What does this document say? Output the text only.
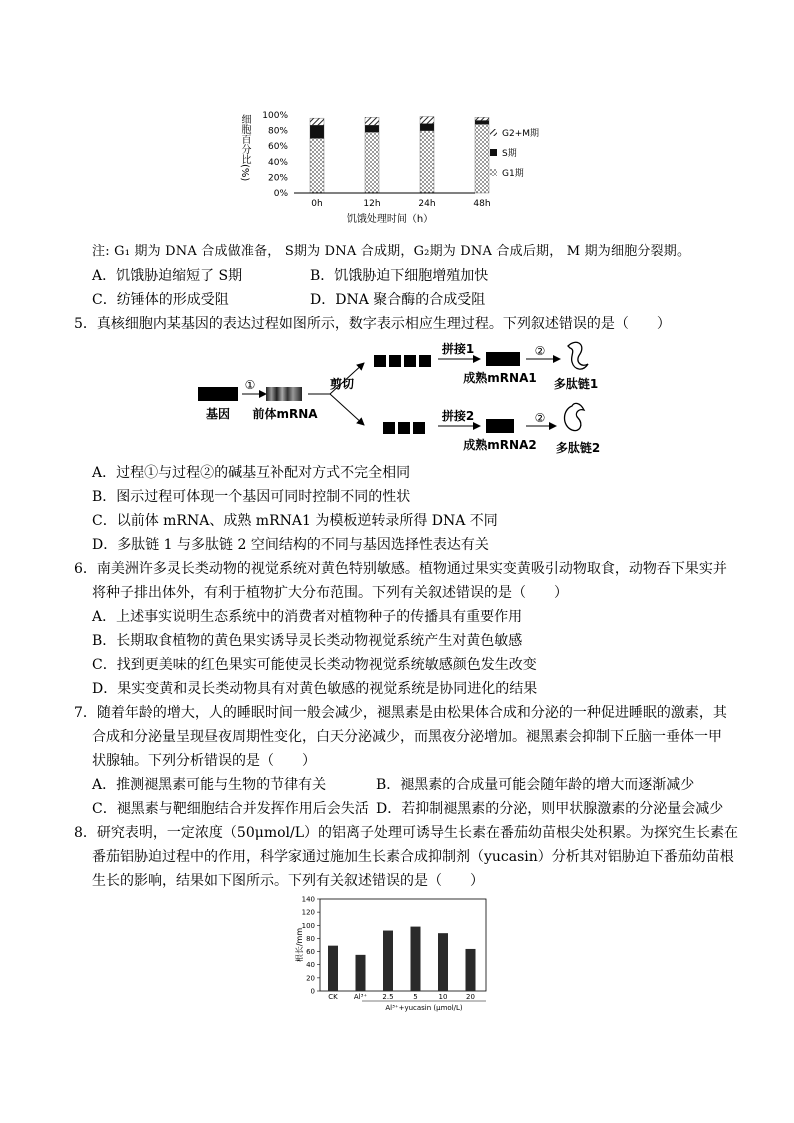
100%
80%
60%
40%
20%
0%
0h	12h	24h	48h
饥饿处理时间（h）
G2+M期
S期
G1期
细胞百分比(%)
注: G₁ 期为 DNA 合成做准备， S期为 DNA 合成期，G₂期为 DNA 合成后期， M 期为细胞分裂期。
A．饥饿胁迫缩短了 S期	B．饥饿胁迫下细胞增殖加快
C．纺锤体的形成受阻	D．DNA 聚合酶的合成受阻
5．真核细胞内某基因的表达过程如图所示，数字表示相应生理过程。下列叙述错误的是（　　）
基因
①
前体mRNA
剪切
拼接1
成熟mRNA1
②
多肽链1
拼接2
成熟mRNA2
②
多肽链2
A．过程①与过程②的碱基互补配对方式不完全相同
B．图示过程可体现一个基因可同时控制不同的性状
C．以前体 mRNA、成熟 mRNA1 为模板逆转录所得 DNA 不同
D．多肽链 1 与多肽链 2 空间结构的不同与基因选择性表达有关
6．南美洲许多灵长类动物的视觉系统对黄色特别敏感。植物通过果实变黄吸引动物取食，动物吞下果实并
将种子排出体外，有利于植物扩大分布范围。下列有关叙述错误的是（　　）
A．上述事实说明生态系统中的消费者对植物种子的传播具有重要作用
B．长期取食植物的黄色果实诱导灵长类动物视觉系统产生对黄色敏感
C．找到更美味的红色果实可能使灵长类动物视觉系统敏感颜色发生改变
D．果实变黄和灵长类动物具有对黄色敏感的视觉系统是协同进化的结果
7．随着年龄的增大，人的睡眠时间一般会减少，褪黑素是由松果体合成和分泌的一种促进睡眠的激素，其
合成和分泌量呈现昼夜周期性变化，白天分泌减少，而黑夜分泌增加。褪黑素会抑制下丘脑一垂体一甲
状腺轴。下列分析错误的是（　　）
A．推测褪黑素可能与生物的节律有关	B．褪黑素的合成量可能会随年龄的增大而逐渐减少
C．褪黑素与靶细胞结合并发挥作用后会失活 D．若抑制褪黑素的分泌，则甲状腺激素的分泌量会减少
8．研究表明，一定浓度（50μmol/L）的铝离子处理可诱导生长素在番茄幼苗根尖处积累。为探究生长素在
番茄铝胁迫过程中的作用，科学家通过施加生长素合成抑制剂（yucasin）分析其对铝胁迫下番茄幼苗根
生长的影响，结果如下图所示。下列有关叙述错误的是（　　）
根长/mm
140
120
100
80
60
40
20
0
CK Al³⁺ 2.5	5	10	20
Al³⁺+yucasin (μmol/L)
